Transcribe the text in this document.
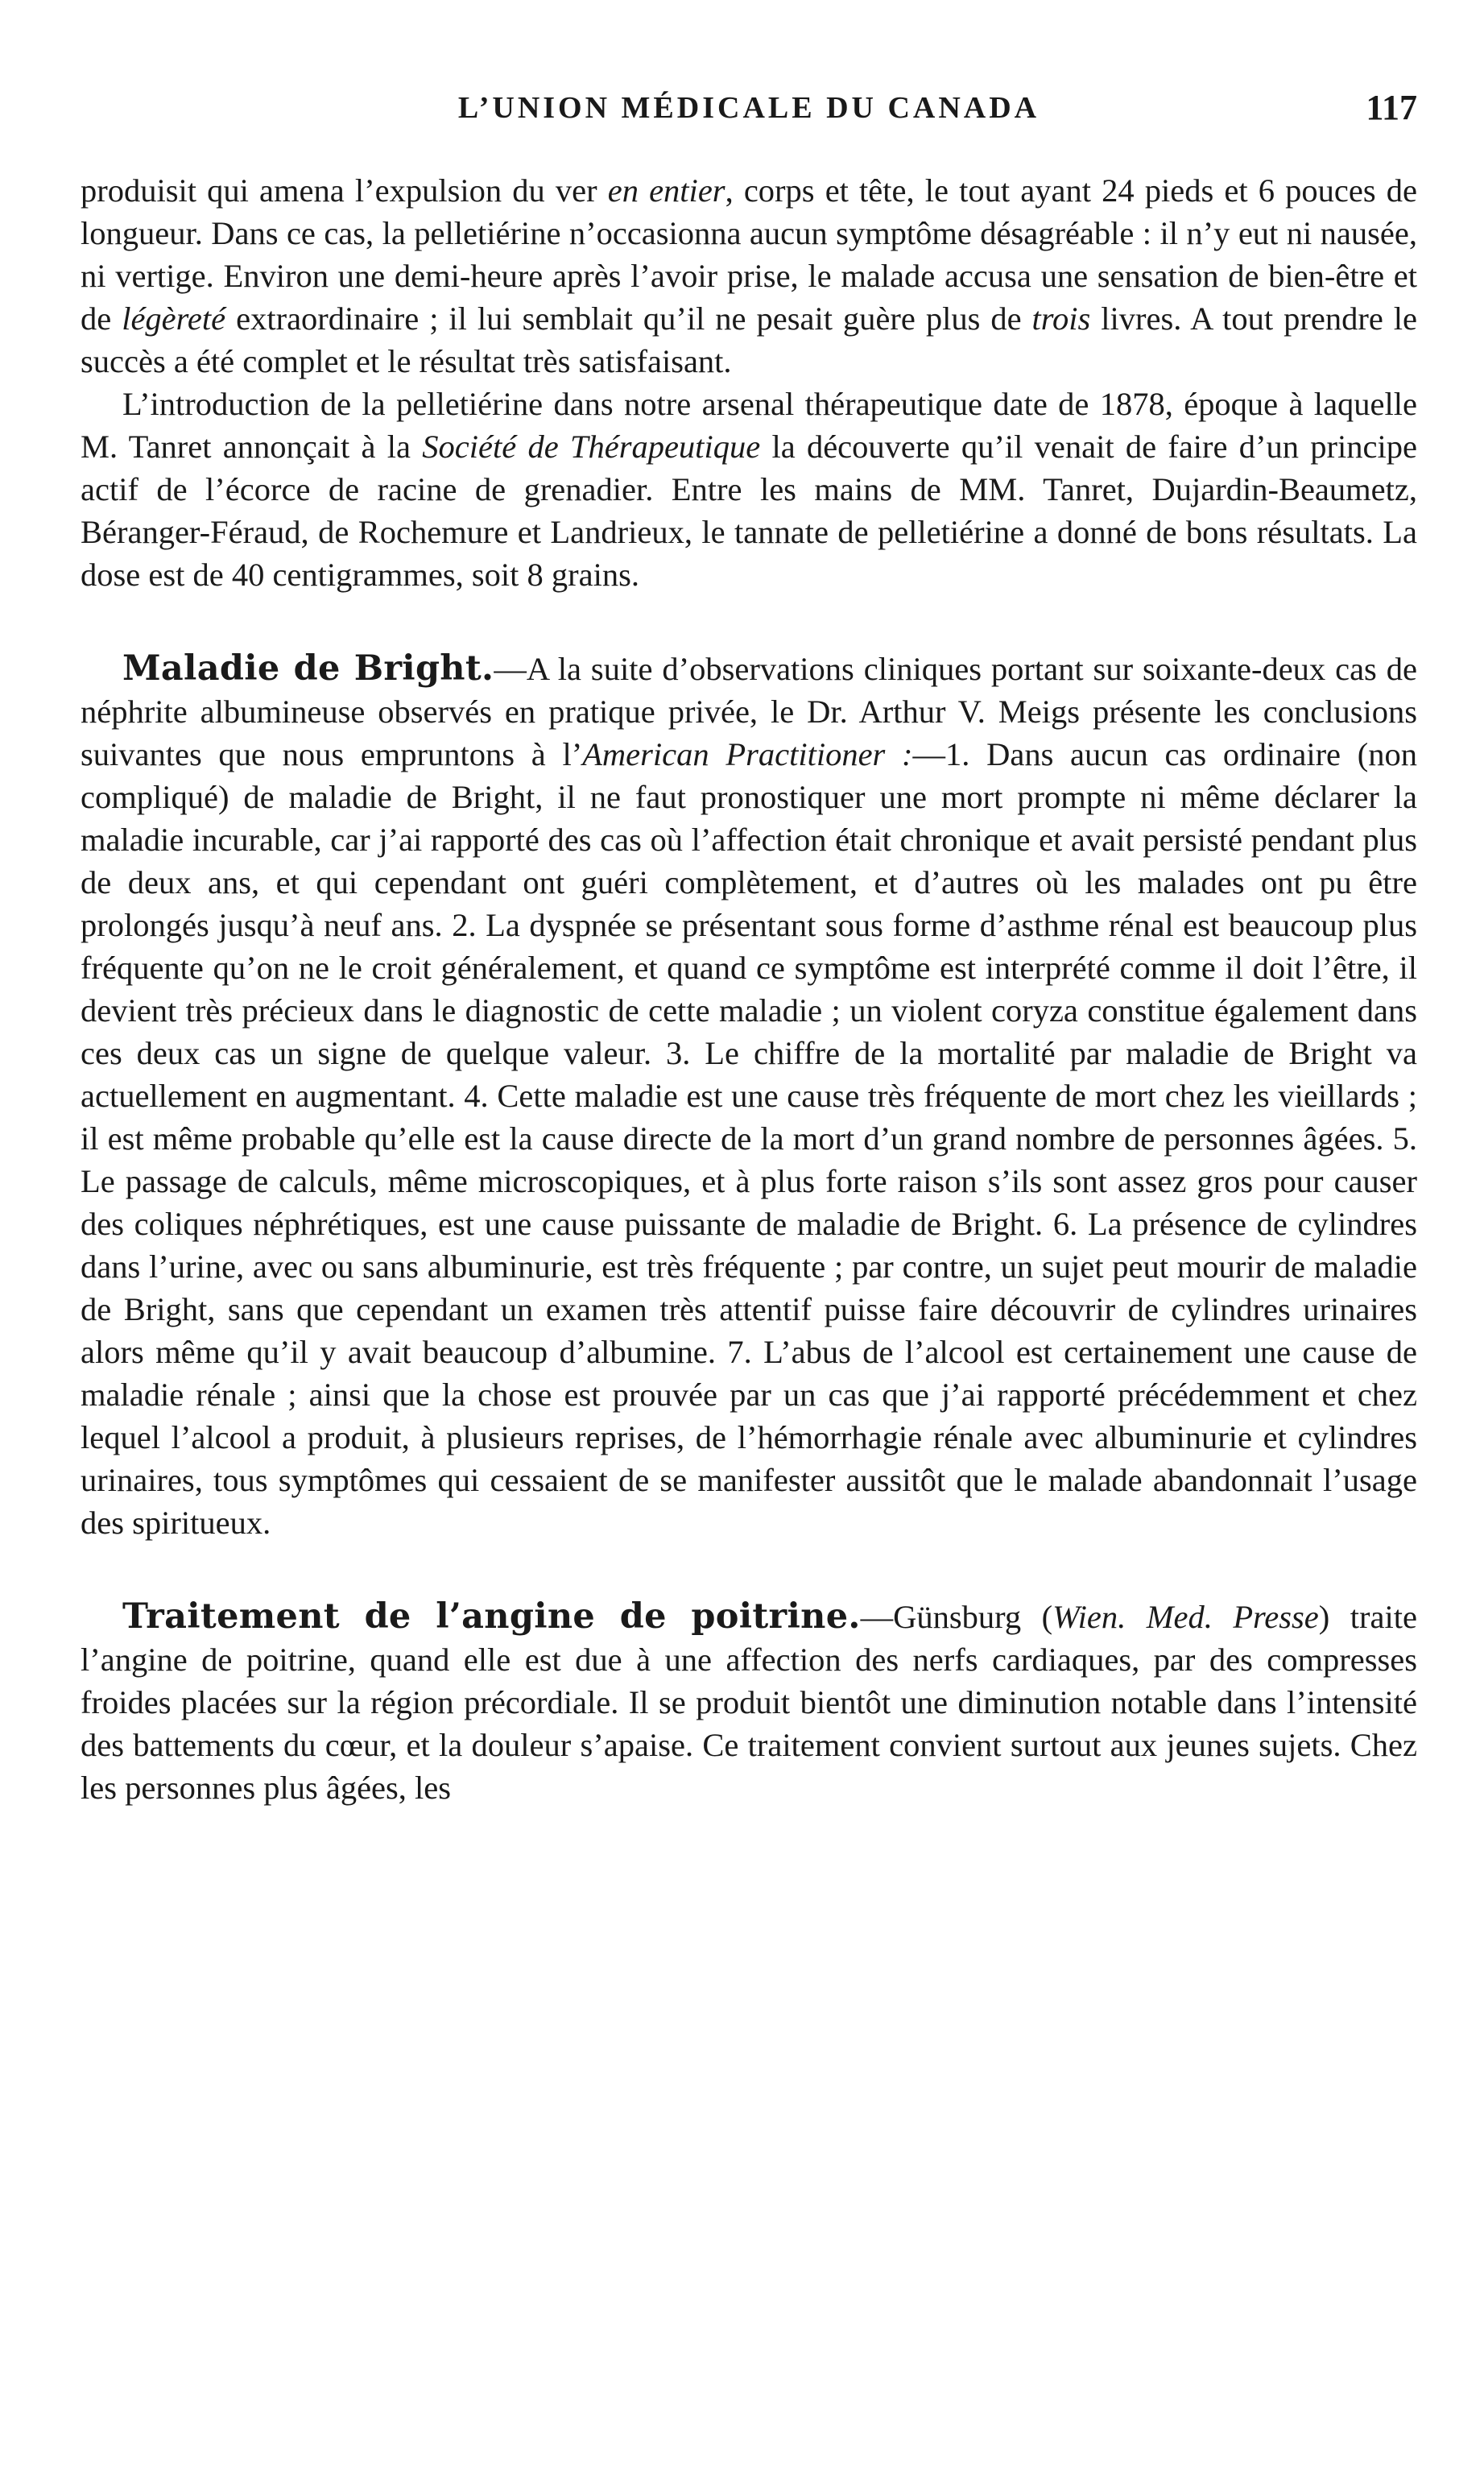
L’UNION MÉDICALE DU CANADA	117

produisit qui amena l’expulsion du ver en entier, corps et tête, le tout ayant 24 pieds et 6 pouces de longueur. Dans ce cas, la pelletiérine n’occasionna aucun symptôme désagréable : il n’y eut ni nausée, ni vertige. Environ une demi-heure après l’avoir prise, le malade accusa une sensation de bien-être et de légèreté extraordinaire ; il lui semblait qu’il ne pesait guère plus de trois livres. A tout prendre le succès a été complet et le résultat très satisfaisant.

L’introduction de la pelletiérine dans notre arsenal thérapeutique date de 1878, époque à laquelle M. Tanret annonçait à la Société de Thérapeutique la découverte qu’il venait de faire d’un principe actif de l’écorce de racine de grenadier. Entre les mains de MM. Tanret, Dujardin-Beaumetz, Béranger-Féraud, de Rochemure et Landrieux, le tannate de pelletiérine a donné de bons résultats. La dose est de 40 centigrammes, soit 8 grains.

Maladie de Bright.—A la suite d’observations cliniques portant sur soixante-deux cas de néphrite albumineuse observés en pratique privée, le Dr. Arthur V. Meigs présente les conclusions suivantes que nous empruntons à l’American Practitioner :—1. Dans aucun cas ordinaire (non compliqué) de maladie de Bright, il ne faut pronostiquer une mort prompte ni même déclarer la maladie incurable, car j’ai rapporté des cas où l’affection était chronique et avait persisté pendant plus de deux ans, et qui cependant ont guéri complètement, et d’autres où les malades ont pu être prolongés jusqu’à neuf ans. 2. La dyspnée se présentant sous forme d’asthme rénal est beaucoup plus fréquente qu’on ne le croit généralement, et quand ce symptôme est interprété comme il doit l’être, il devient très précieux dans le diagnostic de cette maladie ; un violent coryza constitue également dans ces deux cas un signe de quelque valeur. 3. Le chiffre de la mortalité par maladie de Bright va actuellement en augmentant. 4. Cette maladie est une cause très fréquente de mort chez les vieillards ; il est même probable qu’elle est la cause directe de la mort d’un grand nombre de personnes âgées. 5. Le passage de calculs, même microscopiques, et à plus forte raison s’ils sont assez gros pour causer des coliques néphrétiques, est une cause puissante de maladie de Bright. 6. La présence de cylindres dans l’urine, avec ou sans albuminurie, est très fréquente ; par contre, un sujet peut mourir de maladie de Bright, sans que cependant un examen très attentif puisse faire découvrir de cylindres urinaires alors même qu’il y avait beaucoup d’albumine. 7. L’abus de l’alcool est certainement une cause de maladie rénale ; ainsi que la chose est prouvée par un cas que j’ai rapporté précédemment et chez lequel l’alcool a produit, à plusieurs reprises, de l’hémorrhagie rénale avec albuminurie et cylindres urinaires, tous symptômes qui cessaient de se manifester aussitôt que le malade abandonnait l’usage des spiritueux.

Traitement de l’angine de poitrine.—Günsburg (Wien. Med. Presse) traite l’angine de poitrine, quand elle est due à une affection des nerfs cardiaques, par des compresses froides placées sur la région précordiale. Il se produit bientôt une diminution notable dans l’intensité des battements du cœur, et la douleur s’apaise. Ce traitement convient surtout aux jeunes sujets. Chez les personnes plus âgées, les
